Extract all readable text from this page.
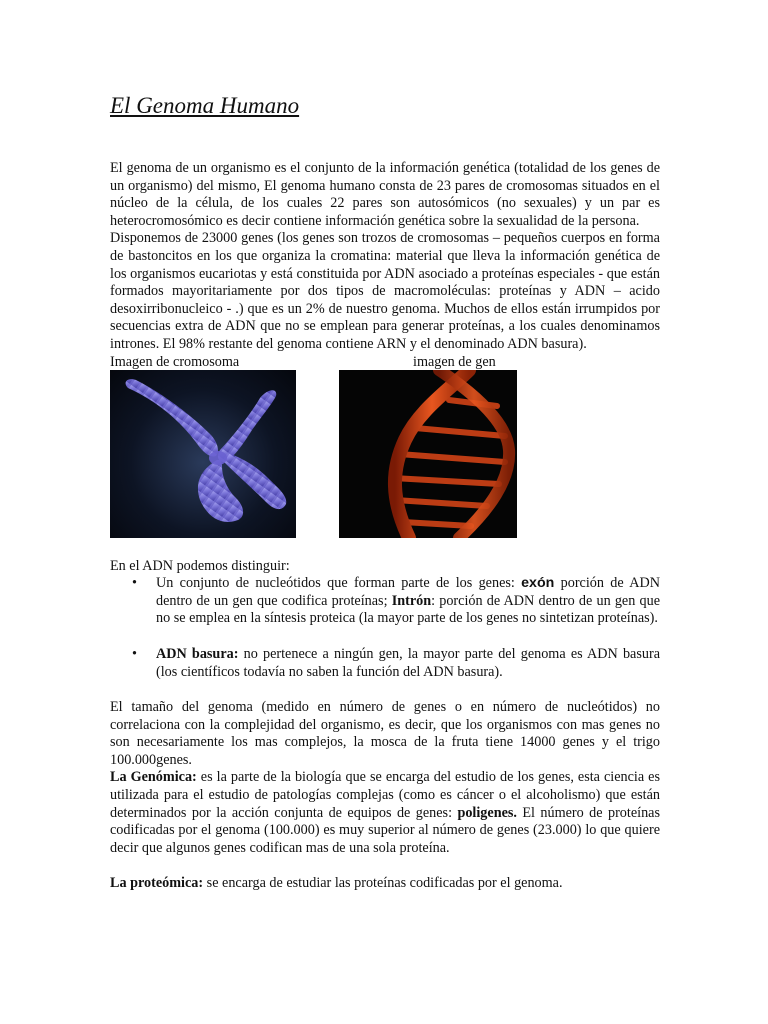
El Genoma Humano

El genoma de un organismo es el conjunto de la información genética (totalidad de los genes de un organismo) del mismo, El genoma humano consta de 23 pares de cromosomas situados en el núcleo de la célula, de los cuales 22 pares son autosómicos (no sexuales) y un par es heterocromosómico es decir contiene información genética sobre la sexualidad de la persona.

Disponemos de 23000 genes (los genes son trozos de cromosomas – pequeños cuerpos en forma de bastoncitos en los que organiza la cromatina: material que lleva la información genética de los organismos eucariotas y está constituida por ADN asociado a proteínas especiales - que están formados mayoritariamente por dos tipos de macromoléculas: proteínas y ADN – acido desoxirribonucleico - .) que es un 2% de nuestro genoma. Muchos de ellos están irrumpidos por secuencias extra de ADN que no se emplean para generar proteínas, a los cuales denominamos intrones. El 98% restante del genoma contiene ARN y el denominado ADN basura).

Imagen de cromosoma	imagen de gen

En el ADN podemos distinguir:

• Un conjunto de nucleótidos que forman parte de los genes: exón porción de ADN dentro de un gen que codifica proteínas; Intrón: porción de ADN dentro de un gen que no se emplea en la síntesis proteica (la mayor parte de los genes no sintetizan proteínas).
• ADN basura: no pertenece a ningún gen, la mayor parte del genoma es ADN basura (los científicos todavía no saben la función del ADN basura).

El tamaño del genoma (medido en número de genes o en número de nucleótidos) no correlaciona con la complejidad del organismo, es decir, que los organismos con mas genes no son necesariamente los mas complejos, la mosca de la fruta tiene 14000 genes y el trigo 100.000genes.

La Genómica: es la parte de la biología que se encarga del estudio de los genes, esta ciencia es utilizada para el estudio de patologías complejas (como es cáncer o el alcoholismo) que están determinados por la acción conjunta de equipos de genes: poligenes. El número de proteínas codificadas por el genoma (100.000) es muy superior al número de genes (23.000) lo que quiere decir que algunos genes codifican mas de una sola proteína.

La proteómica: se encarga de estudiar las proteínas codificadas por el genoma.
